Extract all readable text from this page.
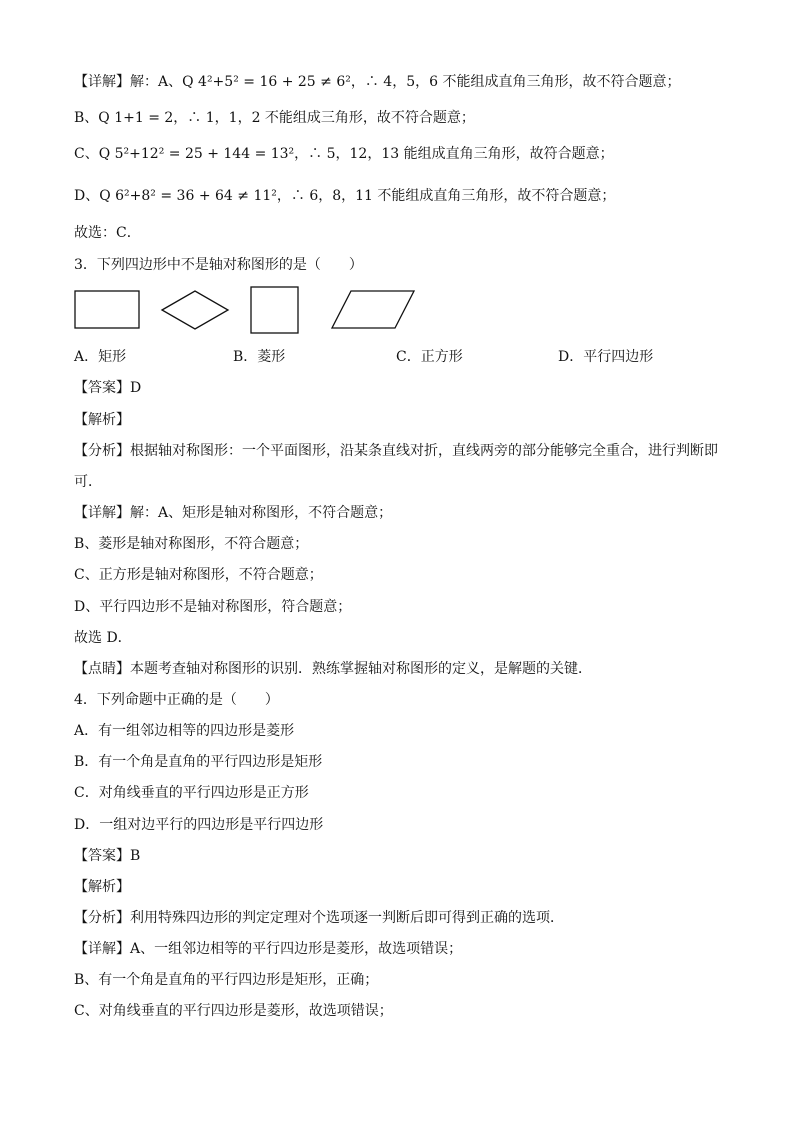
【详解】解：A、Q 4²+5² = 16 + 25 ≠ 6²，∴ 4，5，6 不能组成直角三角形，故不符合题意；
B、Q 1+1 = 2，∴ 1，1，2 不能组成三角形，故不符合题意；
C、Q 5²+12² = 25 + 144 = 13²，∴ 5，12，13 能组成直角三角形，故符合题意；
D、Q 6²+8² = 36 + 64 ≠ 11²，∴ 6，8，11 不能组成直角三角形，故不符合题意；
故选：C．
3．下列四边形中不是轴对称图形的是（　　）
A．矩形	B．菱形	C．正方形	D．平行四边形
【答案】D
【解析】
【分析】根据轴对称图形：一个平面图形，沿某条直线对折，直线两旁的部分能够完全重合，进行判断即
可．
【详解】解：A、矩形是轴对称图形，不符合题意；
B、菱形是轴对称图形，不符合题意；
C、正方形是轴对称图形，不符合题意；
D、平行四边形不是轴对称图形，符合题意；
故选 D．
【点睛】本题考查轴对称图形的识别．熟练掌握轴对称图形的定义，是解题的关键．
4．下列命题中正确的是（　　）
A．有一组邻边相等的四边形是菱形
B．有一个角是直角的平行四边形是矩形
C．对角线垂直的平行四边形是正方形
D．一组对边平行的四边形是平行四边形
【答案】B
【解析】
【分析】利用特殊四边形的判定定理对个选项逐一判断后即可得到正确的选项．
【详解】A、一组邻边相等的平行四边形是菱形，故选项错误；
B、有一个角是直角的平行四边形是矩形，正确；
C、对角线垂直的平行四边形是菱形，故选项错误；
